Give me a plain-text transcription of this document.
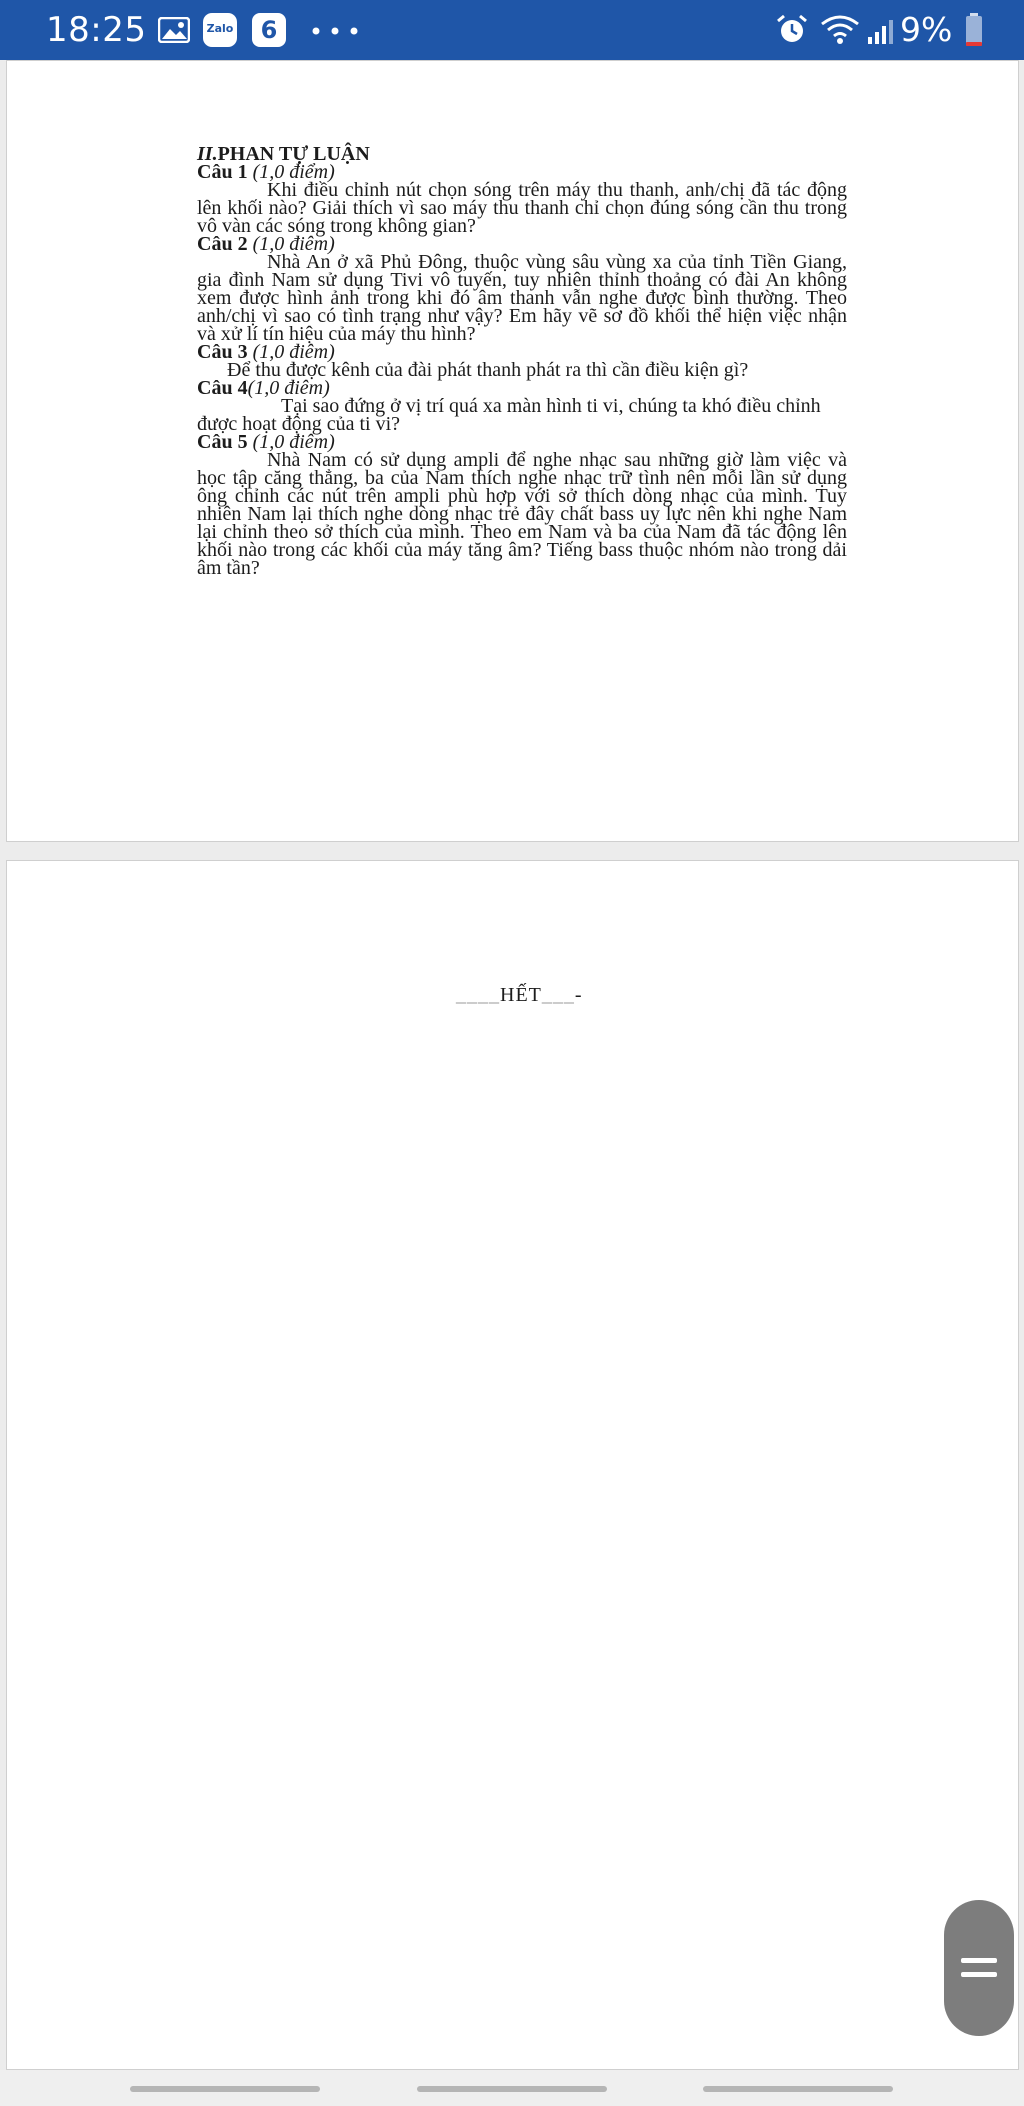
18:25	Zalo	6	9%

II.PHAN TỰ LUẬN

Câu 1 (1,0 điểm)

Khi điều chỉnh nút chọn sóng trên máy thu thanh, anh/chị đã tác động lên khối nào? Giải thích vì sao máy thu thanh chỉ chọn đúng sóng cần thu trong vô vàn các sóng trong không gian?

Câu 2 (1,0 điêm)

Nhà An ở xã Phủ Đông, thuộc vùng sâu vùng xa của tỉnh Tiền Giang, gia đình Nam sử dụng Tivi vô tuyến, tuy nhiên thỉnh thoảng có đài An không xem được hình ảnh trong khi đó âm thanh vẫn nghe được bình thường. Theo anh/chị vì sao có tình trạng như vậy? Em hãy vẽ sơ đồ khối thể hiện việc nhận và xử lí tín hiệu của máy thu hình?

Câu 3 (1,0 điêm)

Để thu được kênh của đài phát thanh phát ra thì cần điều kiện gì?

Câu 4(1,0 điêm)

Tại sao đứng ở vị trí quá xa màn hình ti vi, chúng ta khó điều chỉnh được hoạt động của ti vi?

Câu 5 (1,0 điêm)

Nhà Nam có sử dụng ampli để nghe nhạc sau những giờ làm việc và học tập căng thẳng, ba của Nam thích nghe nhạc trữ tình nên mỗi lần sử dụng ông chỉnh các nút trên ampli phù hợp với sở thích dòng nhạc của mình. Tuy nhiên Nam lại thích nghe dòng nhạc trẻ đây chất bass uy lực nên khi nghe Nam lại chỉnh theo sở thích của mình. Theo em Nam và ba của Nam đã tác động lên khối nào trong các khối của máy tăng âm? Tiếng bass thuộc nhóm nào trong dải âm tần?

____HẾT___-
